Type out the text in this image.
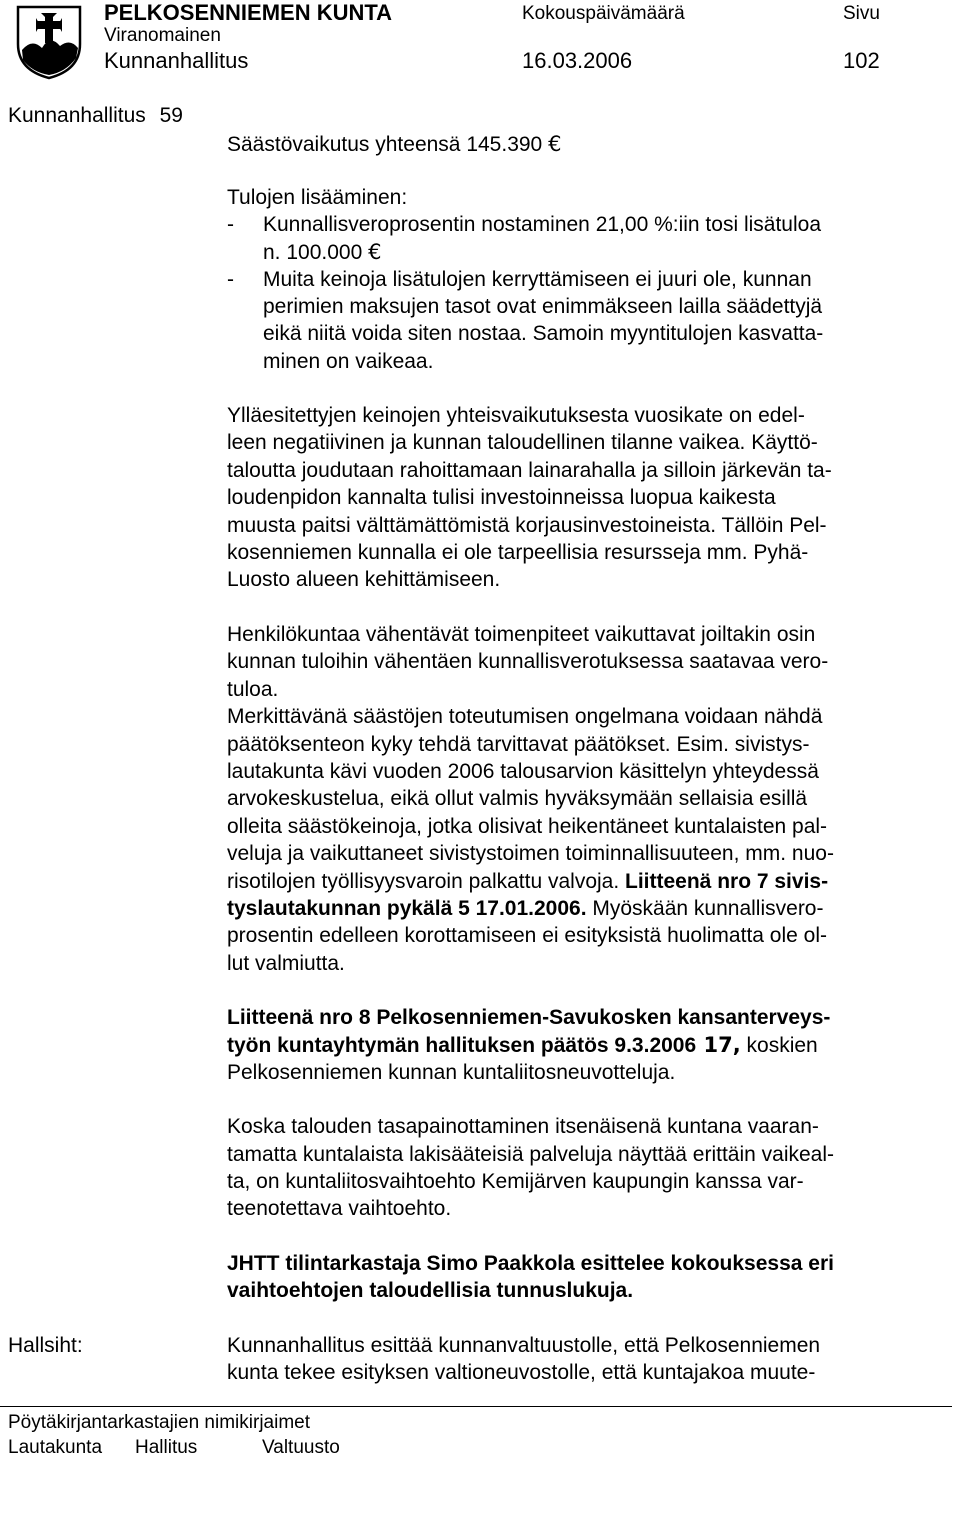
PELKOSENNIEMEN KUNTA
Viranomainen
Kunnanhallitus
Kokouspäivämäärä
16.03.2006
Sivu
102
Kunnanhallitus 59
Säästövaikutus yhteensä 145.390 €
Tulojen lisääminen:
- Kunnallisveroprosentin nostaminen 21,00 %:iin tosi lisätuloa
n. 100.000 €
- Muita keinoja lisätulojen kerryttämiseen ei juuri ole, kunnan
perimien maksujen tasot ovat enimmäkseen lailla säädettyjä
eikä niitä voida siten nostaa. Samoin myyntitulojen kasvatta-
minen on vaikeaa.
Ylläesitettyjen keinojen yhteisvaikutuksesta vuosikate on edel-
leen negatiivinen ja kunnan taloudellinen tilanne vaikea. Käyttö-
taloutta joudutaan rahoittamaan lainarahalla ja silloin järkevän ta-
loudenpidon kannalta tulisi investoinneissa luopua kaikesta
muusta paitsi välttämättömistä korjausinvestoineista. Tällöin Pel-
kosenniemen kunnalla ei ole tarpeellisia resursseja mm. Pyhä-
Luosto alueen kehittämiseen.
Henkilökuntaa vähentävät toimenpiteet vaikuttavat joiltakin osin
kunnan tuloihin vähentäen kunnallisverotuksessa saatavaa vero-
tuloa.
Merkittävänä säästöjen toteutumisen ongelmana voidaan nähdä
päätöksenteon kyky tehdä tarvittavat päätökset. Esim. sivistys-
lautakunta kävi vuoden 2006 talousarvion käsittelyn yhteydessä
arvokeskustelua, eikä ollut valmis hyväksymään sellaisia esillä
olleita säästökeinoja, jotka olisivat heikentäneet kuntalaisten pal-
veluja ja vaikuttaneet sivistystoimen toiminnallisuuteen, mm. nuo-
risotilojen työllisyysvaroin palkattu valvoja. Liitteenä nro 7 sivis-
tyslautakunnan pykälä 5 17.01.2006. Myöskään kunnallisvero-
prosentin edelleen korottamiseen ei esityksistä huolimatta ole ol-
lut valmiutta.
Liitteenä nro 8 Pelkosenniemen-Savukosken kansanterveys-
työn kuntayhtymän hallituksen päätös 9.3.2006 17, koskien
Pelkosenniemen kunnan kuntaliitosneuvotteluja.
Koska talouden tasapainottaminen itsenäisenä kuntana vaaran-
tamatta kuntalaista lakisääteisiä palveluja näyttää erittäin vaikeal-
ta, on kuntaliitosvaihtoehto Kemijärven kaupungin kanssa var-
teenotettava vaihtoehto.
JHTT tilintarkastaja Simo Paakkola esittelee kokouksessa eri
vaihtoehtojen taloudellisia tunnuslukuja.
Hallsiht:	Kunnanhallitus esittää kunnanvaltuustolle, että Pelkosenniemen
kunta tekee esityksen valtioneuvostolle, että kuntajakoa muute-
Pöytäkirjantarkastajien nimikirjaimet
Lautakunta Hallitus	Valtuusto
